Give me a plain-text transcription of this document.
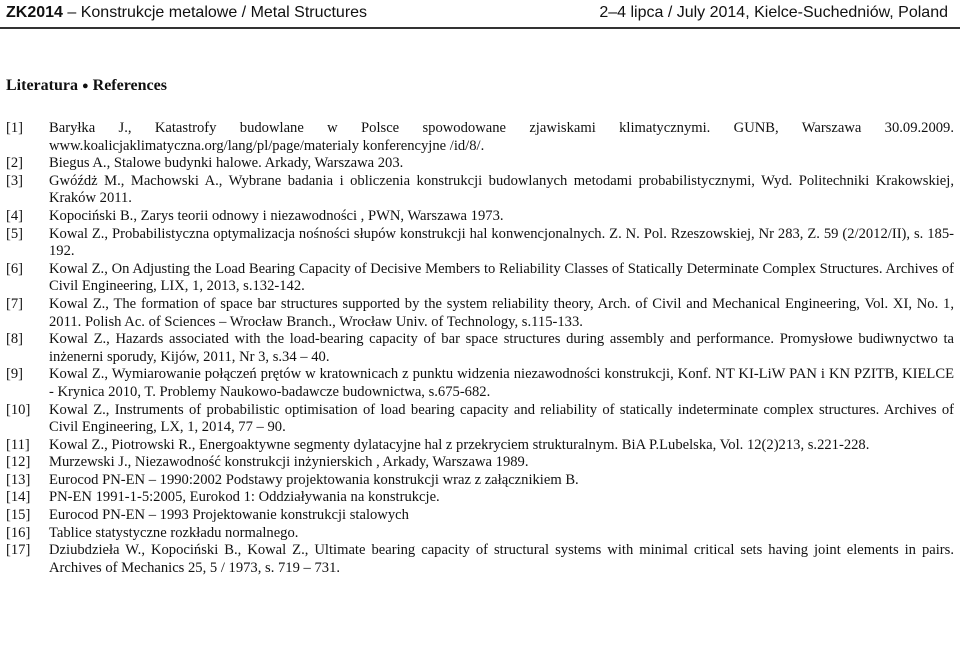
ZK2014 – Konstrukcje metalowe / Metal Structures	2–4 lipca / July 2014, Kielce-Suchedniów, Poland
Literatura ● References
[1]	Baryłka J., Katastrofy budowlane w Polsce spowodowane zjawiskami klimatycznymi. GUNB, Warszawa 30.09.2009. www.koalicjaklimatyczna.org/lang/pl/page/materialy konferencyjne /id/8/.
[2]	Biegus A., Stalowe budynki halowe. Arkady, Warszawa 203.
[3]	Gwóźdż M., Machowski A., Wybrane badania i obliczenia konstrukcji budowlanych metodami probabilistycznymi, Wyd. Politechniki Krakowskiej, Kraków 2011.
[4]	Kopociński B., Zarys teorii odnowy i niezawodności , PWN, Warszawa 1973.
[5]	Kowal Z., Probabilistyczna optymalizacja nośności słupów konstrukcji hal konwencjonalnych. Z. N. Pol. Rzeszowskiej, Nr 283, Z. 59 (2/2012/II), s. 185-192.
[6]	Kowal Z., On Adjusting the Load Bearing Capacity of Decisive Members to Reliability Classes of Statically Determinate Complex Structures. Archives of Civil Engineering, LIX, 1, 2013, s.132-142.
[7]	Kowal Z., The formation of space bar structures supported by the system reliability theory, Arch. of Civil and Mechanical Engineering, Vol. XI, No. 1, 2011. Polish Ac. of Sciences – Wrocław Branch., Wrocław Univ. of Technology, s.115-133.
[8]	Kowal Z., Hazards associated with the load-bearing capacity of bar space structures during assembly and performance. Promysłowe budiwnyctwo ta inżenerni sporudy, Kijów, 2011, Nr 3, s.34 – 40.
[9]	Kowal Z., Wymiarowanie połączeń prętów w kratownicach z punktu widzenia niezawodności konstrukcji, Konf. NT KI-LiW PAN i KN PZITB, KIELCE - Krynica 2010, T. Problemy Naukowo-badawcze budownictwa, s.675-682.
[10]	Kowal Z., Instruments of probabilistic optimisation of load bearing capacity and reliability of statically indeterminate complex structures. Archives of Civil Engineering, LX, 1, 2014, 77 – 90.
[11]	Kowal Z., Piotrowski R., Energoaktywne segmenty dylatacyjne hal z przekryciem strukturalnym. BiA P.Lubelska, Vol. 12(2)213, s.221-228.
[12]	Murzewski J., Niezawodność konstrukcji inżynierskich , Arkady, Warszawa 1989.
[13]	Eurocod PN-EN – 1990:2002 Podstawy projektowania konstrukcji wraz z załącznikiem B.
[14]	PN-EN 1991-1-5:2005, Eurokod 1: Oddziaływania na konstrukcje.
[15]	Eurocod PN-EN – 1993 Projektowanie konstrukcji stalowych
[16]	Tablice statystyczne rozkładu normalnego.
[17]	Dziubdzieła W., Kopociński B., Kowal Z., Ultimate bearing capacity of structural systems with minimal critical sets having joint elements in pairs. Archives of Mechanics 25, 5 / 1973, s. 719 – 731.
